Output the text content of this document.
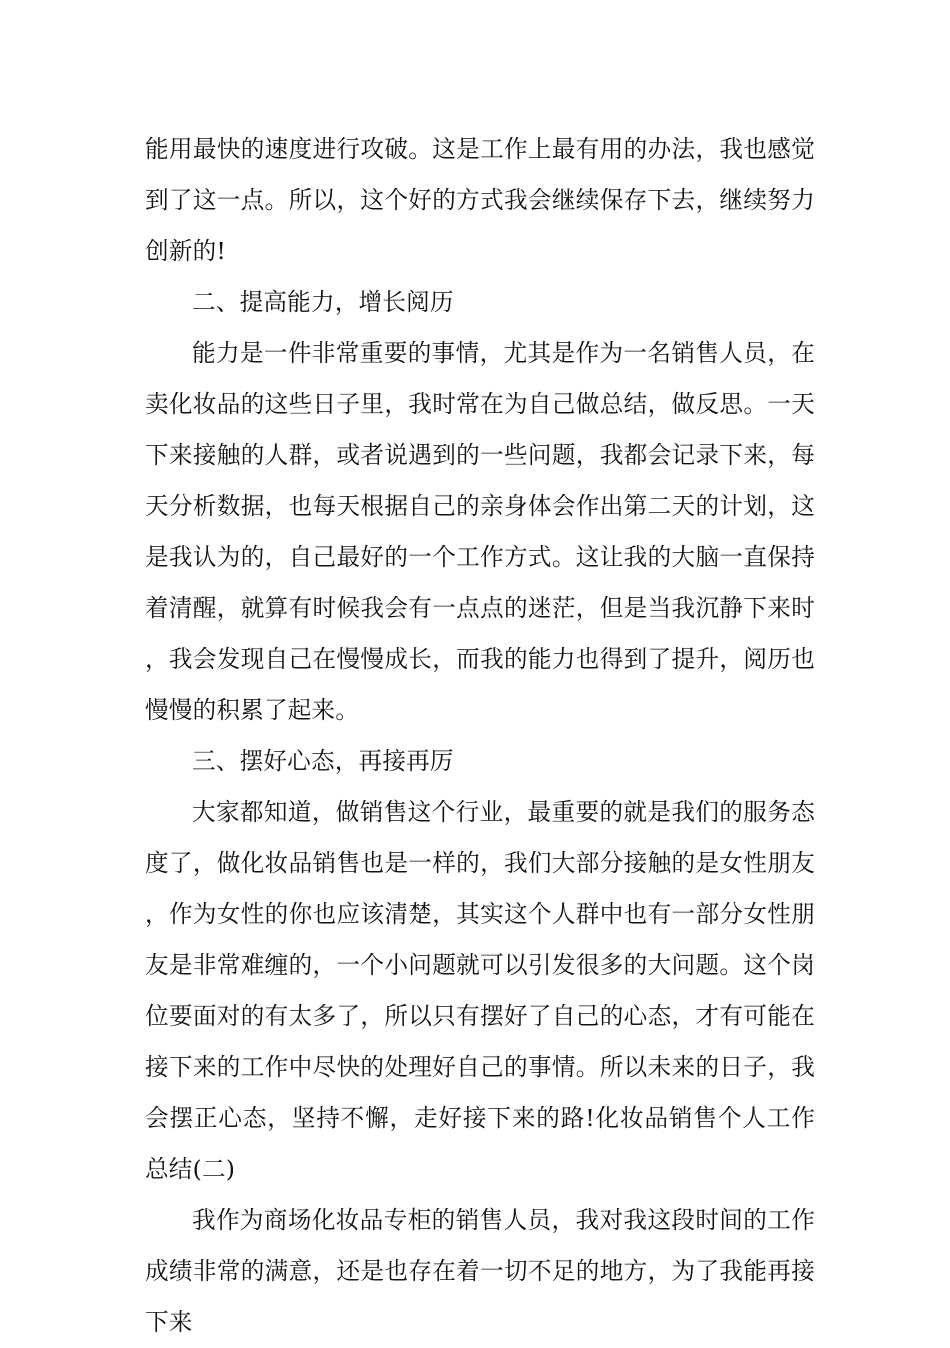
能用最快的速度进行攻破。这是工作上最有用的办法，我也感觉到了这一点。所以，这个好的方式我会继续保存下去，继续努力创新的!

二、提高能力，增长阅历

能力是一件非常重要的事情，尤其是作为一名销售人员，在卖化妆品的这些日子里，我时常在为自己做总结，做反思。一天下来接触的人群，或者说遇到的一些问题，我都会记录下来，每天分析数据，也每天根据自己的亲身体会作出第二天的计划，这是我认为的，自己最好的一个工作方式。这让我的大脑一直保持着清醒，就算有时候我会有一点点的迷茫，但是当我沉静下来时，我会发现自己在慢慢成长，而我的能力也得到了提升，阅历也慢慢的积累了起来。

三、摆好心态，再接再厉

大家都知道，做销售这个行业，最重要的就是我们的服务态度了，做化妆品销售也是一样的，我们大部分接触的是女性朋友，作为女性的你也应该清楚，其实这个人群中也有一部分女性朋友是非常难缠的，一个小问题就可以引发很多的大问题。这个岗位要面对的有太多了，所以只有摆好了自己的心态，才有可能在接下来的工作中尽快的处理好自己的事情。所以未来的日子，我会摆正心态，坚持不懈，走好接下来的路!化妆品销售个人工作总结(二)

我作为商场化妆品专柜的销售人员，我对我这段时间的工作成绩非常的满意，还是也存在着一切不足的地方，为了我能再接下来
